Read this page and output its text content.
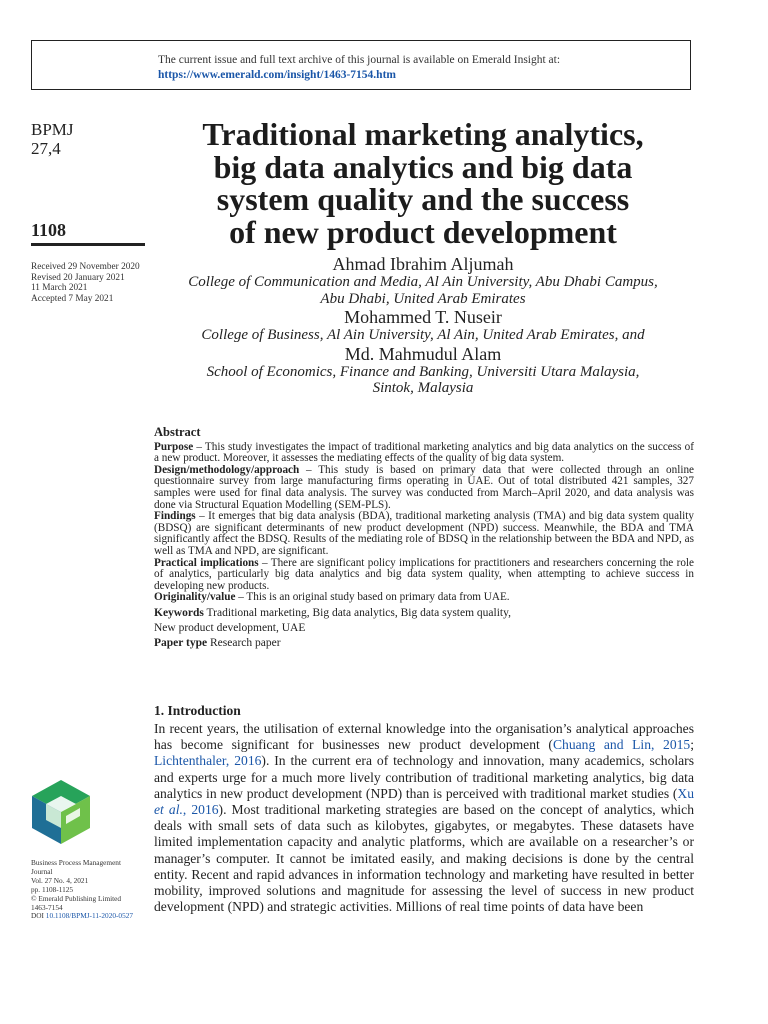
The current issue and full text archive of this journal is available on Emerald Insight at:
https://www.emerald.com/insight/1463-7154.htm
BPMJ
27,4
1108
Received 29 November 2020
Revised 20 January 2021
11 March 2021
Accepted 7 May 2021
Traditional marketing analytics,
big data analytics and big data
system quality and the success
of new product development
Ahmad Ibrahim Aljumah
College of Communication and Media, Al Ain University, Abu Dhabi Campus,
Abu Dhabi, United Arab Emirates
Mohammed T. Nuseir
College of Business, Al Ain University, Al Ain, United Arab Emirates, and
Md. Mahmudul Alam
School of Economics, Finance and Banking, Universiti Utara Malaysia,
Sintok, Malaysia
Abstract
Purpose – This study investigates the impact of traditional marketing analytics and big data analytics on the success of a new product. Moreover, it assesses the mediating effects of the quality of big data system.
Design/methodology/approach – This study is based on primary data that were collected through an online questionnaire survey from large manufacturing firms operating in UAE. Out of total distributed 421 samples, 327 samples were used for final data analysis. The survey was conducted from March–April 2020, and data analysis was done via Structural Equation Modelling (SEM-PLS).
Findings – It emerges that big data analysis (BDA), traditional marketing analysis (TMA) and big data system quality (BDSQ) are significant determinants of new product development (NPD) success. Meanwhile, the BDA and TMA significantly affect the BDSQ. Results of the mediating role of BDSQ in the relationship between the BDA and NPD, as well as TMA and NPD, are significant.
Practical implications – There are significant policy implications for practitioners and researchers concerning the role of analytics, particularly big data analytics and big data system quality, when attempting to achieve success in developing new products.
Originality/value – This is an original study based on primary data from UAE.
Keywords Traditional marketing, Big data analytics, Big data system quality,
New product development, UAE
Paper type Research paper
1. Introduction
In recent years, the utilisation of external knowledge into the organisation’s analytical approaches has become significant for businesses new product development (Chuang and Lin, 2015; Lichtenthaler, 2016). In the current era of technology and innovation, many academics, scholars and experts urge for a much more lively contribution of traditional marketing analytics, big data analytics in new product development (NPD) than is perceived with traditional market studies (Xu et al., 2016). Most traditional marketing strategies are based on the concept of analytics, which deals with small sets of data such as kilobytes, gigabytes, or megabytes. These datasets have limited implementation capacity and analytic platforms, which are available on a researcher’s or manager’s computer. It cannot be imitated easily, and making decisions is done by the central entity. Recent and rapid advances in information technology and marketing have resulted in better mobility, improved solutions and magnitude for assessing the level of success in new product development (NPD) and strategic activities. Millions of real time points of data have been
Business Process Management
Journal
Vol. 27 No. 4, 2021
pp. 1108-1125
© Emerald Publishing Limited
1463-7154
DOI 10.1108/BPMJ-11-2020-0527
